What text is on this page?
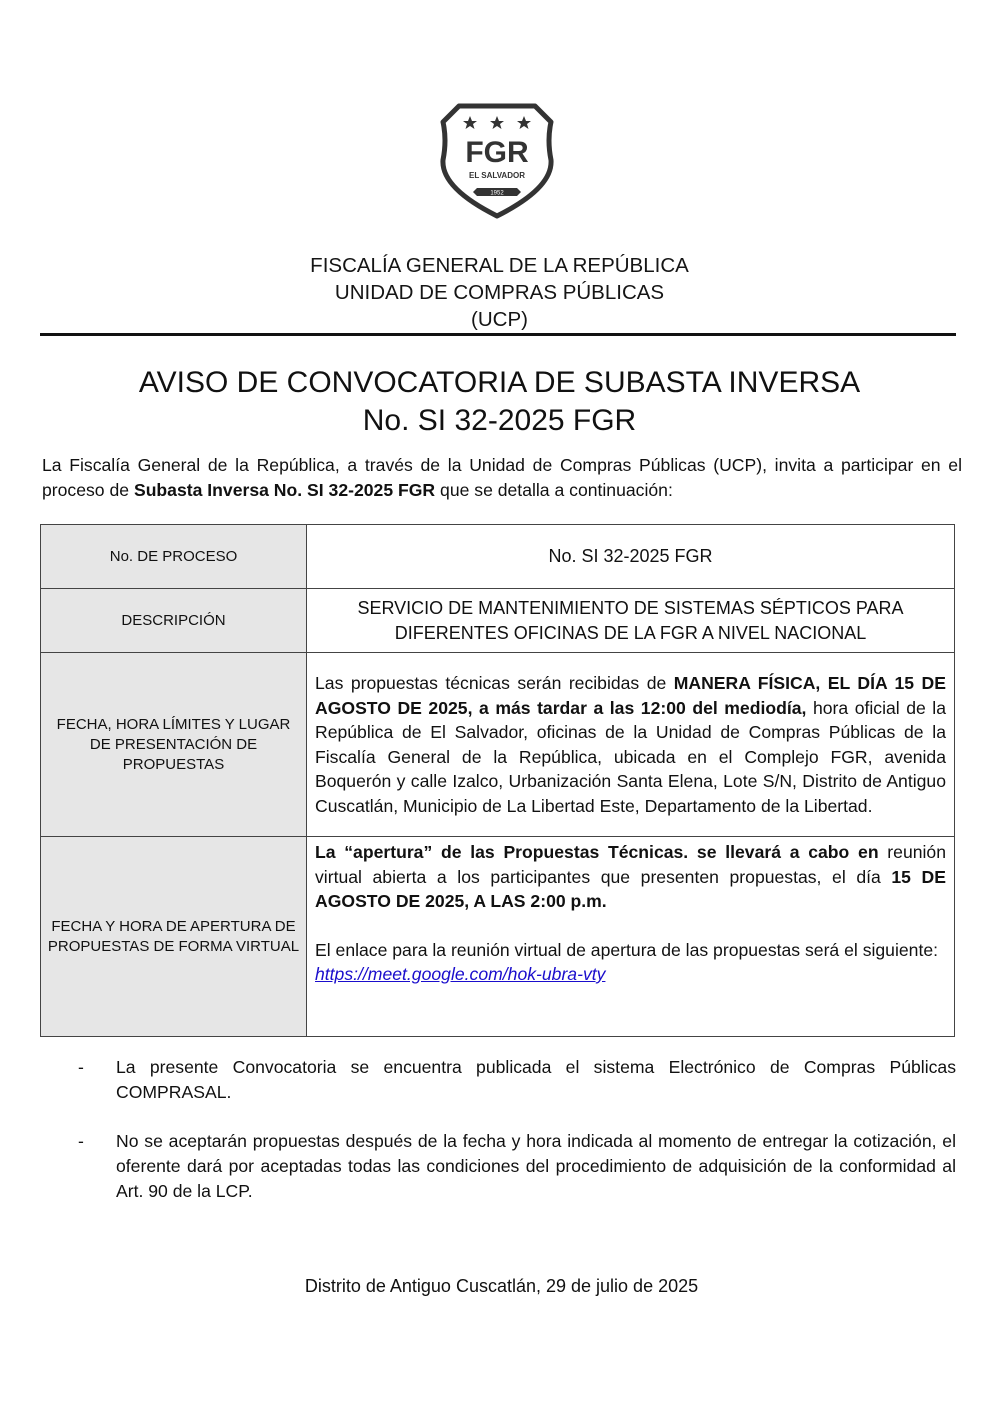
FGR
EL SALVADOR
1952
FISCALÍA GENERAL DE LA REPÚBLICA
UNIDAD DE COMPRAS PÚBLICAS
(UCP)
AVISO DE CONVOCATORIA DE SUBASTA INVERSA
No. SI 32-2025 FGR
La Fiscalía General de la República, a través de la Unidad de Compras Públicas (UCP), invita a participar en el proceso de Subasta Inversa No. SI 32-2025 FGR que se detalla a continuación:
No. DE PROCESO	No. SI 32-2025 FGR
DESCRIPCIÓN	SERVICIO DE MANTENIMIENTO DE SISTEMAS SÉPTICOS PARA DIFERENTES OFICINAS DE LA FGR A NIVEL NACIONAL
FECHA, HORA LÍMITES Y LUGAR DE PRESENTACIÓN DE PROPUESTAS	Las propuestas técnicas serán recibidas de MANERA FÍSICA, EL DÍA 15 DE AGOSTO DE 2025, a más tardar a las 12:00 del mediodía, hora oficial de la República de El Salvador, oficinas de la Unidad de Compras Públicas de la Fiscalía General de la República, ubicada en el Complejo FGR, avenida Boquerón y calle Izalco, Urbanización Santa Elena, Lote S/N, Distrito de Antiguo Cuscatlán, Municipio de La Libertad Este, Departamento de la Libertad.
FECHA Y HORA DE APERTURA DE PROPUESTAS DE FORMA VIRTUAL	La “apertura” de las Propuestas Técnicas. se llevará a cabo en reunión virtual abierta a los participantes que presenten propuestas, el día 15 DE AGOSTO DE 2025, A LAS 2:00 p.m.
El enlace para la reunión virtual de apertura de las propuestas será el siguiente:
https://meet.google.com/hok-ubra-vty
-	La presente Convocatoria se encuentra publicada el sistema Electrónico de Compras Públicas COMPRASAL.
-	No se aceptarán propuestas después de la fecha y hora indicada al momento de entregar la cotización, el oferente dará por aceptadas todas las condiciones del procedimiento de adquisición de la conformidad al Art. 90 de la LCP.
Distrito de Antiguo Cuscatlán, 29 de julio de 2025
